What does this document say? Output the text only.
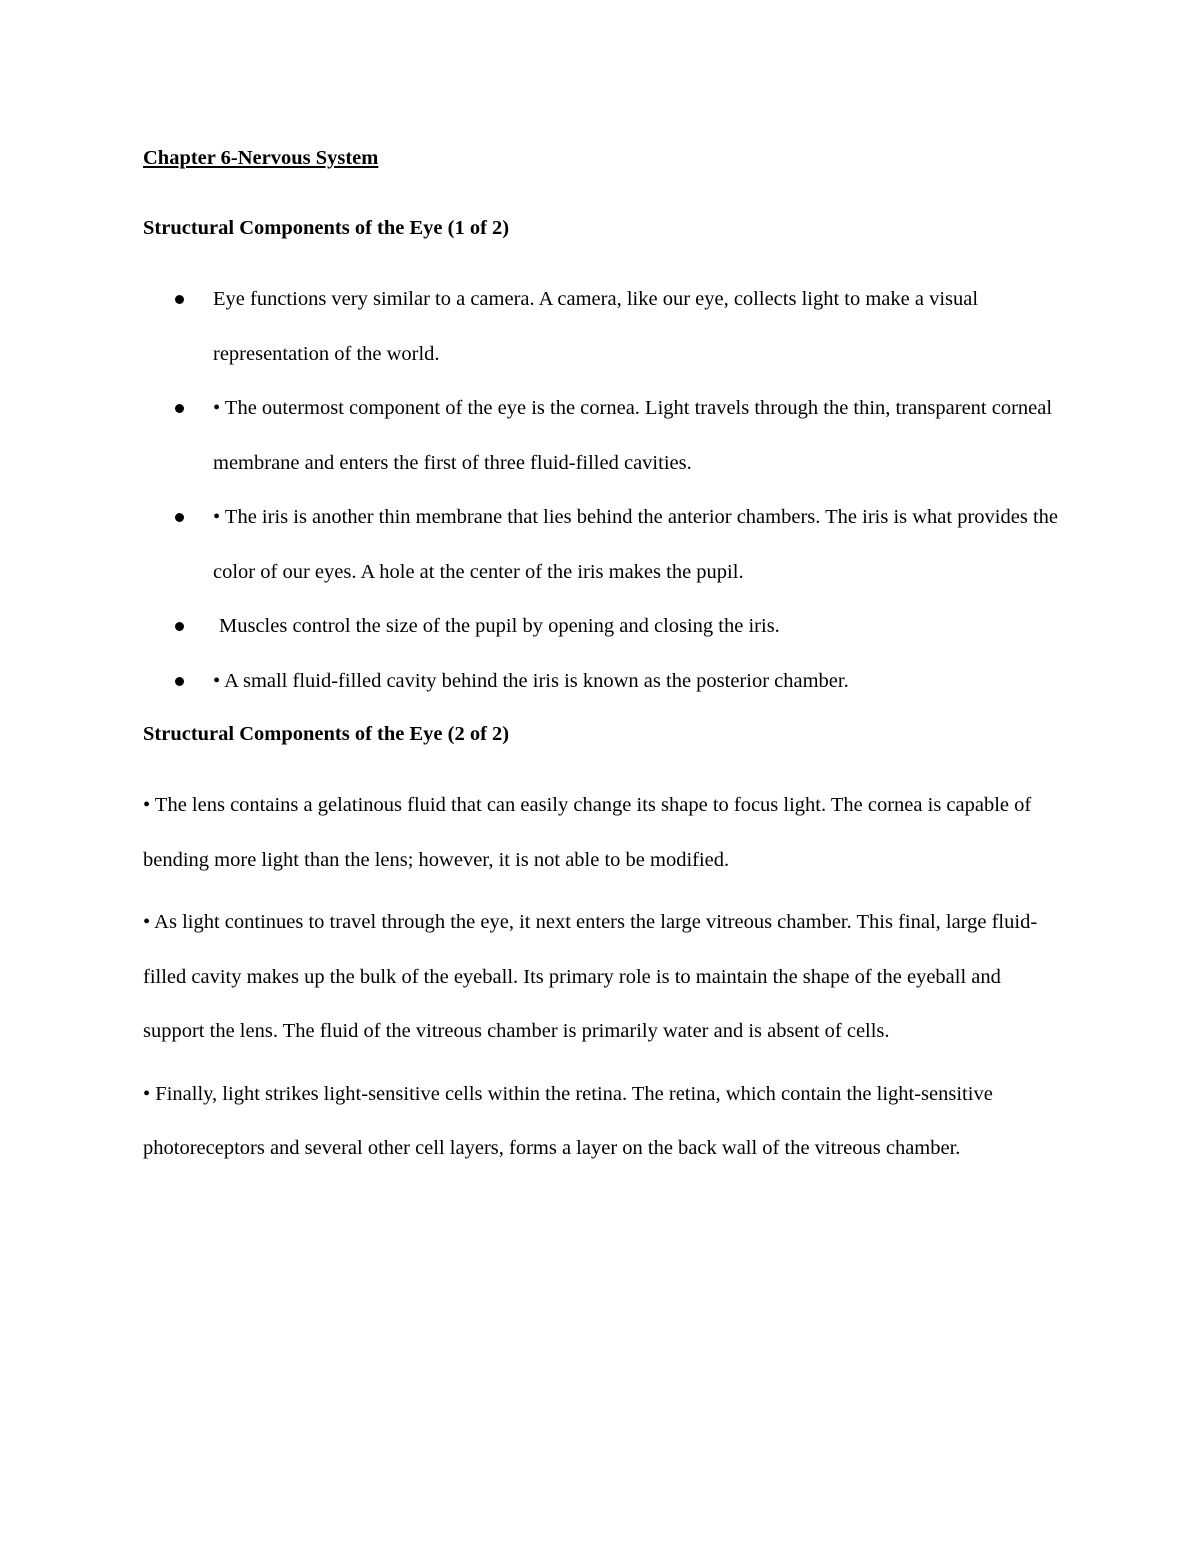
Chapter 6-Nervous System

Structural Components of the Eye (1 of 2)

Eye functions very similar to a camera. A camera, like our eye, collects light to make a visual representation of the world.
• The outermost component of the eye is the cornea. Light travels through the thin, transparent corneal membrane and enters the first of three fluid-filled cavities.
• The iris is another thin membrane that lies behind the anterior chambers. The iris is what provides the color of our eyes. A hole at the center of the iris makes the pupil.
Muscles control the size of the pupil by opening and closing the iris.
• A small fluid-filled cavity behind the iris is known as the posterior chamber.

Structural Components of the Eye (2 of 2)

• The lens contains a gelatinous fluid that can easily change its shape to focus light. The cornea is capable of bending more light than the lens; however, it is not able to be modified.

• As light continues to travel through the eye, it next enters the large vitreous chamber. This final, large fluid-filled cavity makes up the bulk of the eyeball. Its primary role is to maintain the shape of the eyeball and support the lens. The fluid of the vitreous chamber is primarily water and is absent of cells.

• Finally, light strikes light-sensitive cells within the retina. The retina, which contain the light-sensitive photoreceptors and several other cell layers, forms a layer on the back wall of the vitreous chamber.
